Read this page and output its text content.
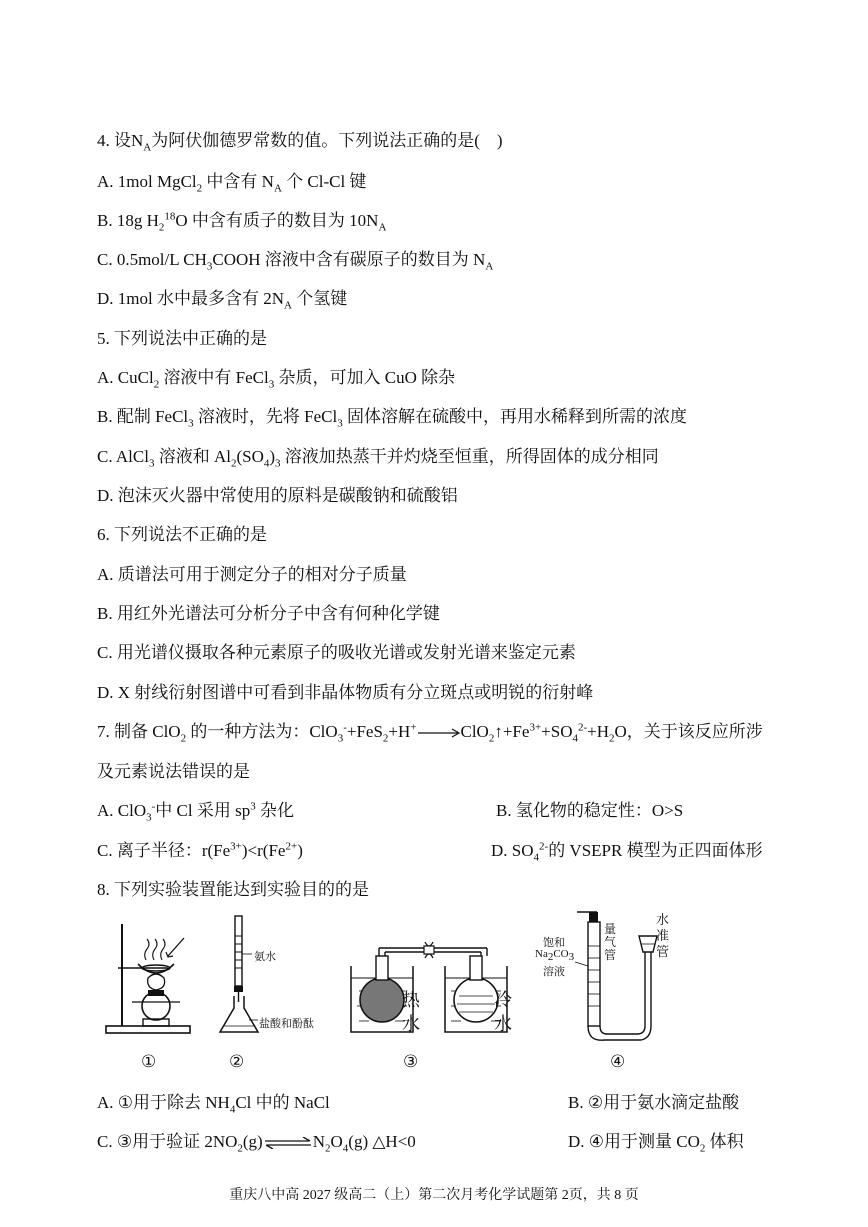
4. 设$N_A$为阿伏伽德罗常数的值。下列说法正确的是(　)
A. 1mol MgCl$_2$ 中含有 $N_A$ 个 Cl-Cl 键
B. 18g $H_2^{18}O$ 中含有质子的数目为 $10N_A$
C. 0.5mol/L $CH_3COOH$ 溶液中含有碳原子的数目为 $N_A$
D. 1mol 水中最多含有 $2N_A$ 个氢键
5. 下列说法中正确的是
A. CuCl$_2$ 溶液中有 FeCl$_3$ 杂质，可加入 CuO 除杂
B. 配制 FeCl$_3$ 溶液时，先将 FeCl$_3$ 固体溶解在硫酸中，再用水稀释到所需的浓度
C. AlCl$_3$ 溶液和 $Al_2(SO_4)_3$ 溶液加热蒸干并灼烧至恒重，所得固体的成分相同
D. 泡沫灭火器中常使用的原料是碳酸钠和硫酸铝
6. 下列说法不正确的是
A. 质谱法可用于测定分子的相对分子质量
B. 用红外光谱法可分析分子中含有何种化学键
C. 用光谱仪摄取各种元素原子的吸收光谱或发射光谱来鉴定元素
D. X 射线衍射图谱中可看到非晶体物质有分立斑点或明锐的衍射峰
7. 制备 ClO$_2$ 的一种方法为：$ClO_3^-+FeS_2+H^+\to ClO_2↑+Fe^{3+}+SO_4^{2-}+H_2O$，关于该反应所涉
及元素说法错误的是
A. ClO$_3$-中 Cl 采用 $sp^3$ 杂化	B. 氢化物的稳定性：O>S
C. 离子半径：$r(Fe^{3+})<r(Fe^{2+})$	D. $SO_4^{2-}$的 VSEPR 模型为正四面体形
8. 下列实验装置能达到实验目的的是
①
氨水
盐酸和酚酞
②
热
水
冷
水
③
饱和
$Na_2CO_3$
溶液
量
气
管
水
准
管
④
A. ①用于除去 $NH_4Cl$ 中的 NaCl	B. ②用于氨水滴定盐酸
C. ③用于验证 $2NO_2(g)\rightleftharpoons N_2O_4(g)$ △H<0	D. ④用于测量 $CO_2$ 体积
重庆八中高 2027 级高二（上）第二次月考化学试题第 2页，共 8 页
